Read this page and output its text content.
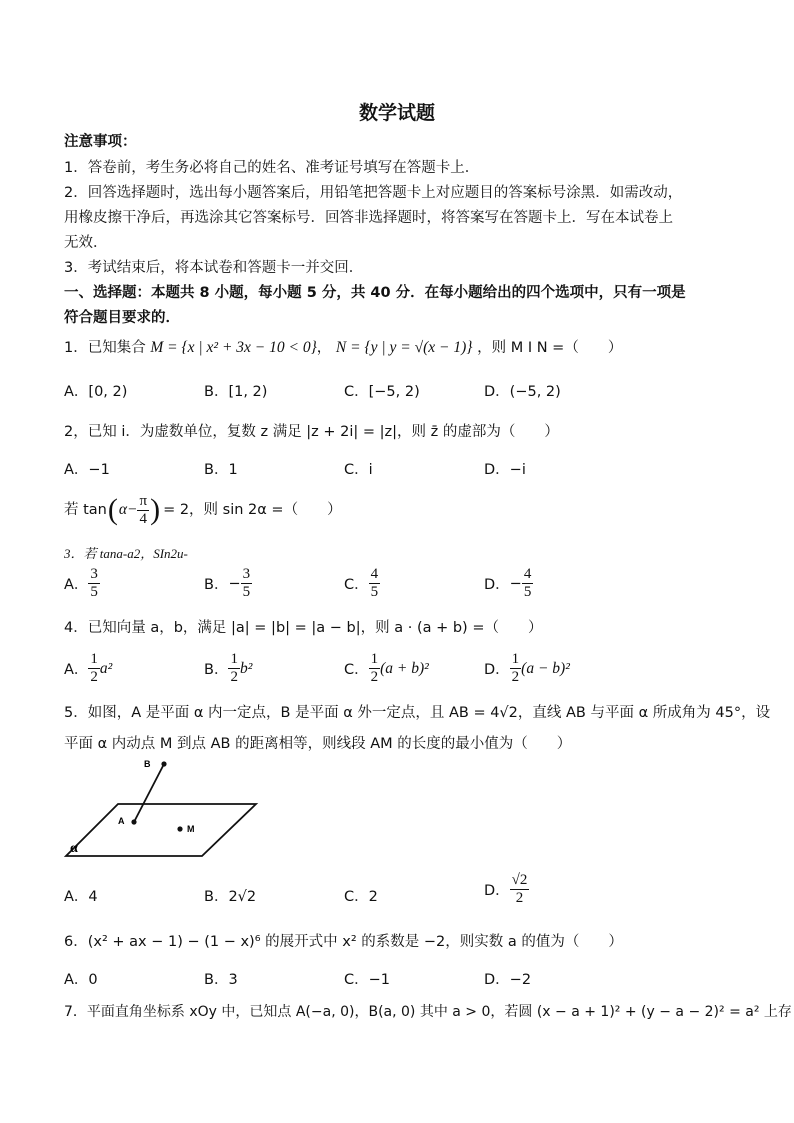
数学试题
注意事项：
1．答卷前，考生务必将自己的姓名、准考证号填写在答题卡上．
2．回答选择题时，选出每小题答案后，用铅笔把答题卡上对应题目的答案标号涂黑．如需改动，
用橡皮擦干净后，再选涂其它答案标号．回答非选择题时，将答案写在答题卡上．写在本试卷上
无效．
3．考试结束后，将本试卷和答题卡一并交回．
一、选择题：本题共 8 小题，每小题 5 分，共 40 分．在每小题给出的四个选项中，只有一项是
符合题目要求的．
1．已知集合 M = {x | x² + 3x − 10 < 0}， N = {y | y = √(x − 1)} ，则 M I N =（　　）
A．[0, 2)	B．[1, 2)	C．[−5, 2)	D．(−5, 2)
2，已知 i．为虚数单位，复数 z 满足 |z + 2i| = |z|，则 z̄ 的虚部为（　　）
A．−1	B．1	C．i	D．−i
若 tan ( $\alpha- \frac{\pi}{4}$ ) = 2，则 sin 2α =（　　）
3．若 tana-a2，SIn2u-
A． $\frac{3}{5}$	B． − $\frac{3}{5}$	C． $\frac{4}{5}$	D． − $\frac{4}{5}$
4．已知向量 a，b，满足 |a| = |b| = |a − b|，则 a · (a + b) =（　　）
A． $\frac{1}{2} a^2$	B． $\frac{1}{2} b^2$	C． $\frac{1}{2} (a + b)^2$	D． $\frac{1}{2} (a - b)^2$
5．如图，A 是平面 α 内一定点，B 是平面 α 外一定点，且 AB = 4√2，直线 AB 与平面 α 所成角为 45°，设
平面 α 内动点 M 到点 AB 的距离相等，则线段 AM 的长度的最小值为（　　）
B
A
M
α
A．4	B．2√2	C．2	D． $\frac{√2}{2}$
6．(x² + ax − 1) − (1 − x)⁶ 的展开式中 x² 的系数是 −2，则实数 a 的值为（　　）
A．0	B．3	C．−1	D．−2
7．平面直角坐标系 xOy 中，已知点 A(−a, 0)，B(a, 0) 其中 a > 0，若圆 (x − a + 1)² + (y − a − 2)² = a² 上存
